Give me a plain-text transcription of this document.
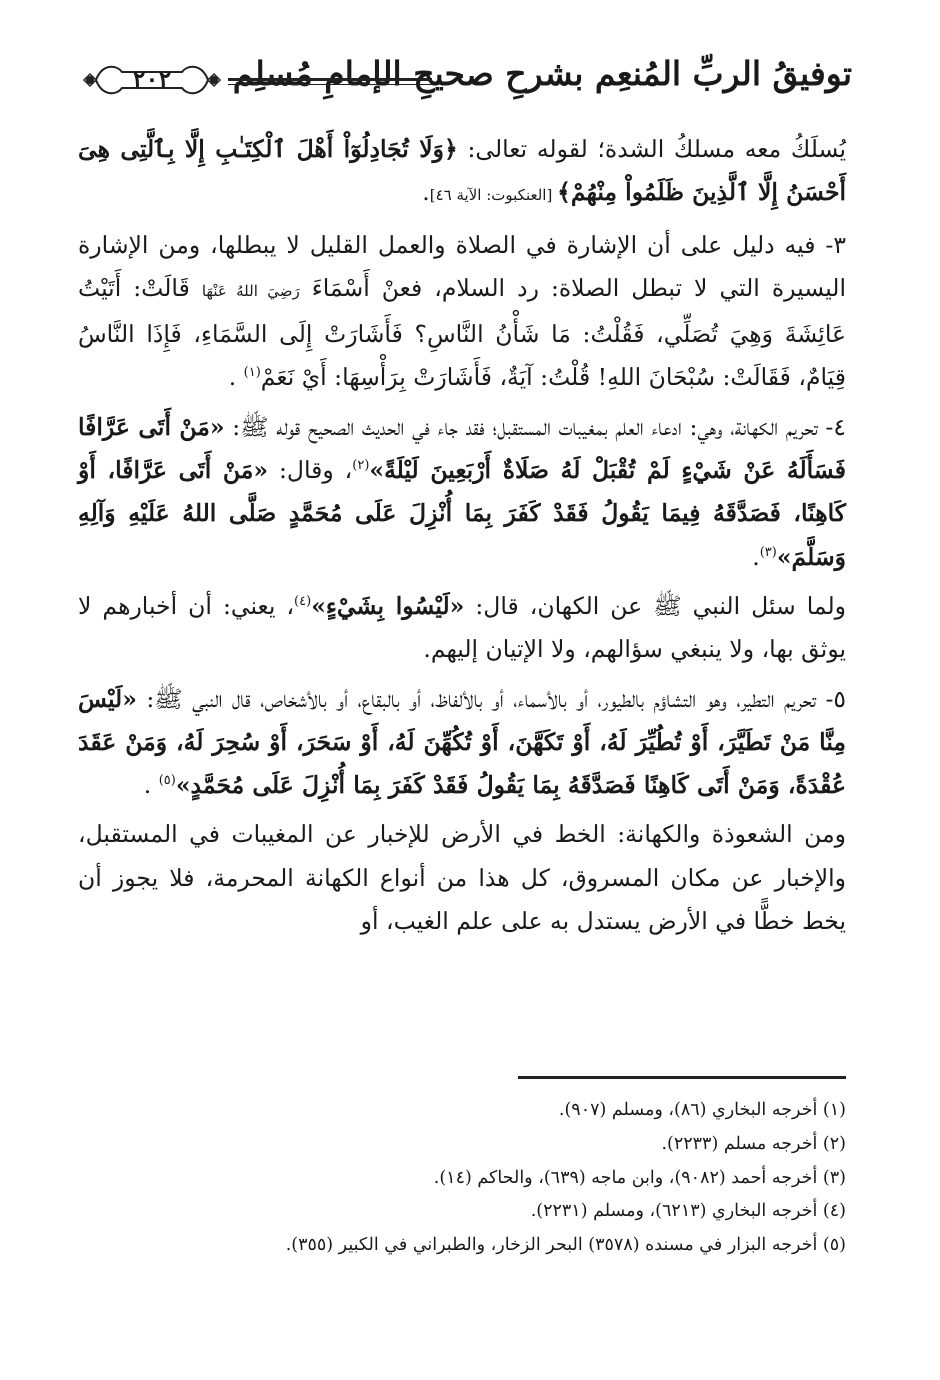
توفيقُ الربِّ المُنعِم بشرحِ صحيحِ الإمامِ مُسلِم
٢٠٢

يُسلَكُ معه مسلكُ الشدة؛ لقوله تعالى: ﴿وَلَا تُجَادِلُوٓاْ أَهْلَ ٱلْكِتَـٰبِ إِلَّا بِٱلَّتِى هِىَ أَحْسَنُ إِلَّا ٱلَّذِينَ ظَلَمُواْ مِنْهُمْ﴾ [العنكبوت: الآية ٤٦].

٣- فيه دليل على أن الإشارة في الصلاة والعمل القليل لا يبطلها، ومن الإشارة اليسيرة التي لا تبطل الصلاة: رد السلام، فعنْ أَسْمَاءَ رَضِيَ اللهُ عَنْهَا قَالَتْ: أَتَيْتُ عَائِشَةَ وَهِيَ تُصَلِّي، فَقُلْتُ: مَا شَأْنُ النَّاسِ؟ فَأَشَارَتْ إِلَى السَّمَاءِ، فَإِذَا النَّاسُ قِيَامٌ، فَقَالَتْ: سُبْحَانَ اللهِ! قُلْتُ: آيَةٌ، فَأَشَارَتْ بِرَأْسِهَا: أَيْ نَعَمْ$^{(١)}$ .

٤- تحريم الكهانة، وهي: ادعاء العلم بمغيبات المستقبل؛ فقد جاء في الحديث الصحيح قوله ﷺ: «مَنْ أَتَى عَرَّافًا فَسَأَلَهُ عَنْ شَيْءٍ لَمْ تُقْبَلْ لَهُ صَلَاةٌ أَرْبَعِينَ لَيْلَةً»$^{(٢)}$، وقال: «مَنْ أَتَى عَرَّافًا، أَوْ كَاهِنًا، فَصَدَّقَهُ فِيمَا يَقُولُ فَقَدْ كَفَرَ بِمَا أُنْزِلَ عَلَى مُحَمَّدٍ صَلَّى اللهُ عَلَيْهِ وَآلِهِ وَسَلَّمَ»$^{(٣)}$.

ولما سئل النبي ﷺ عن الكهان، قال: «لَيْسُوا بِشَيْءٍ»$^{(٤)}$، يعني: أن أخبارهم لا يوثق بها، ولا ينبغي سؤالهم، ولا الإتيان إليهم.

٥- تحريم التطير، وهو التشاؤم بالطيور، أو بالأسماء، أو بالألفاظ، أو بالبقاع، أو بالأشخاص، قال النبي ﷺ: «لَيْسَ مِنَّا مَنْ تَطَيَّرَ، أَوْ تُطُيِّرَ لَهُ، أَوْ تَكَهَّنَ، أَوْ تُكُهِّنَ لَهُ، أَوْ سَحَرَ، أَوْ سُحِرَ لَهُ، وَمَنْ عَقَدَ عُقْدَةً، وَمَنْ أَتَى كَاهِنًا فَصَدَّقَهُ بِمَا يَقُولُ فَقَدْ كَفَرَ بِمَا أُنْزِلَ عَلَى مُحَمَّدٍ»$^{(٥)}$ .

ومن الشعوذة والكهانة: الخط في الأرض للإخبار عن المغيبات في المستقبل، والإخبار عن مكان المسروق، كل هذا من أنواع الكهانة المحرمة، فلا يجوز أن يخط خطًّا في الأرض يستدل به على علم الغيب، أو

(١) أخرجه البخاري (٨٦)، ومسلم (٩٠٧).
(٢) أخرجه مسلم (٢٢٣٣).
(٣) أخرجه أحمد (٩٠٨٢)، وابن ماجه (٦٣٩)، والحاكم (١٤).
(٤) أخرجه البخاري (٦٢١٣)، ومسلم (٢٢٣١).
(٥) أخرجه البزار في مسنده (٣٥٧٨) البحر الزخار، والطبراني في الكبير (٣٥٥).
